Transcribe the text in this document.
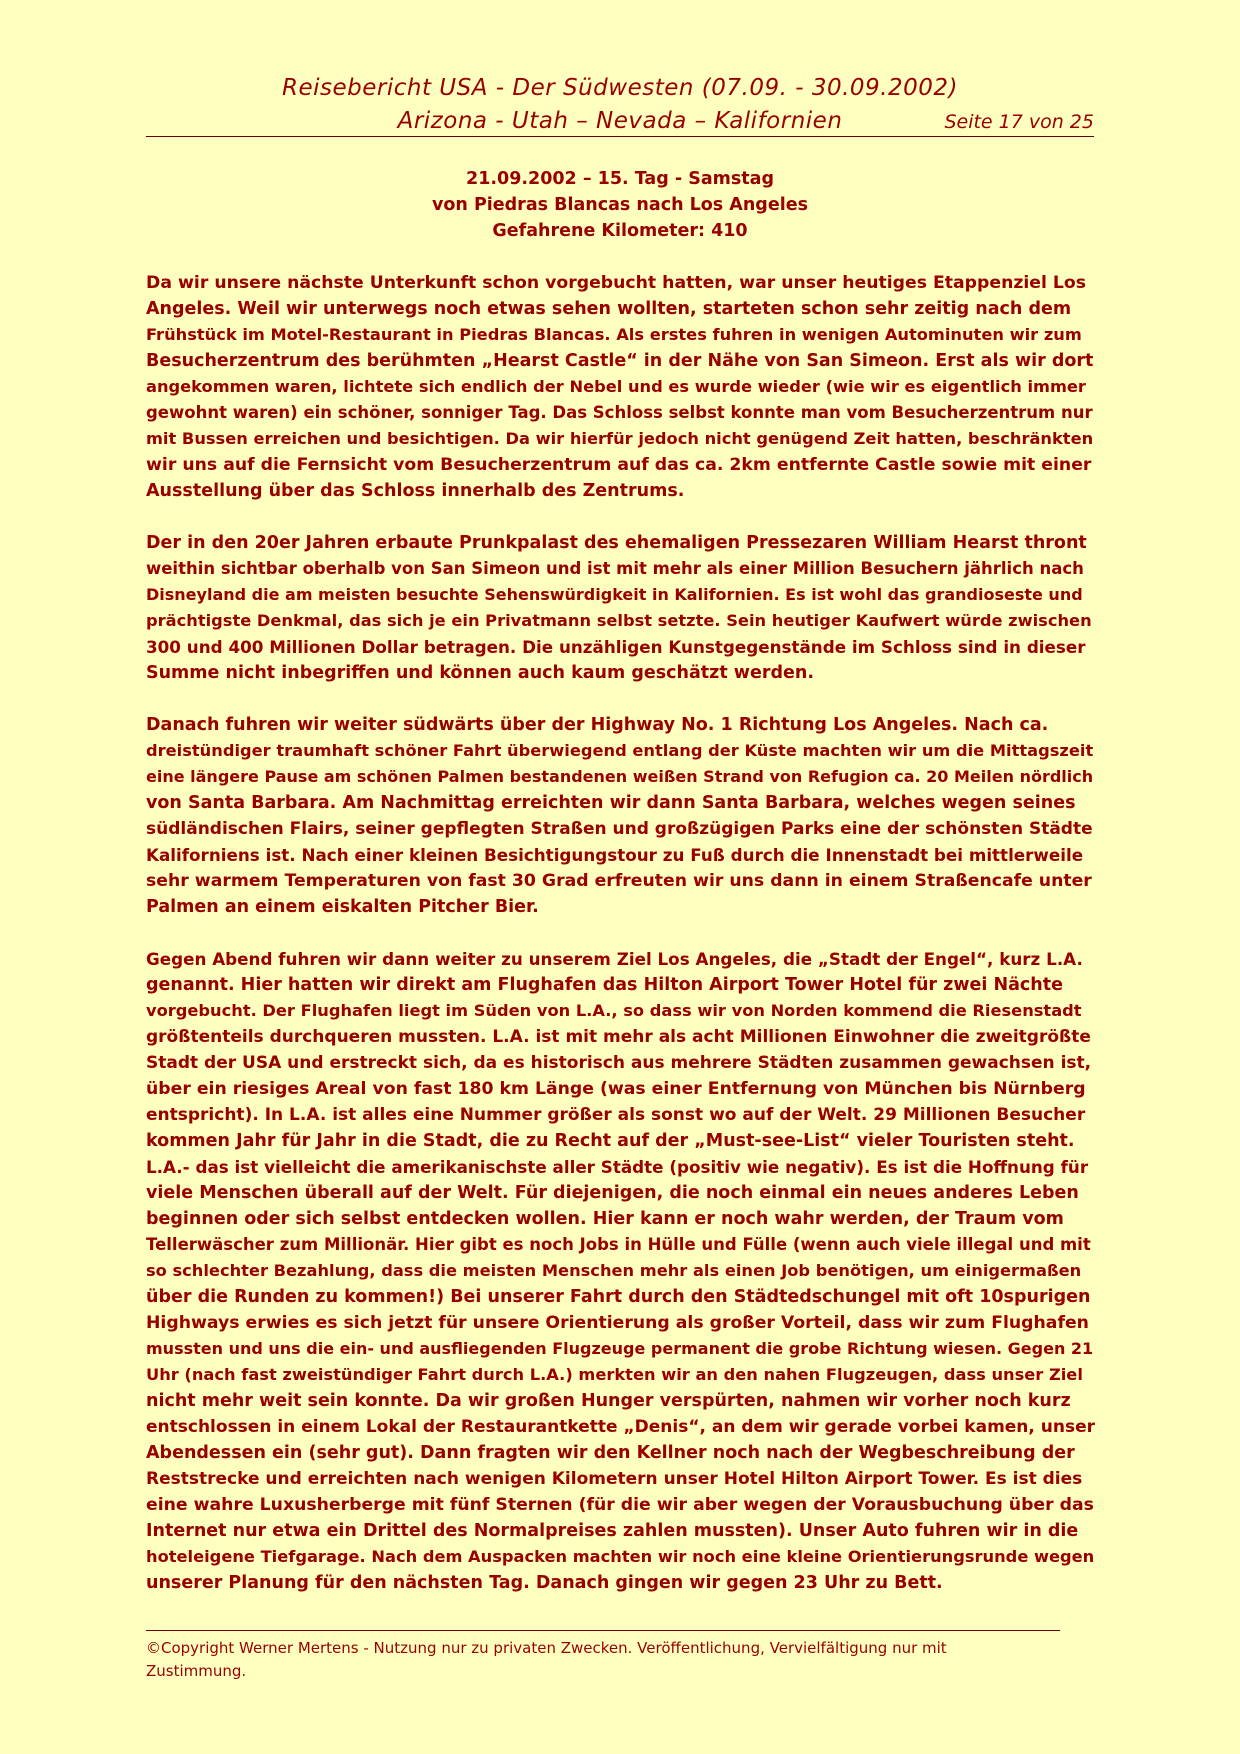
Reisebericht USA - Der Südwesten (07.09. - 30.09.2002)
Arizona - Utah – Nevada – Kalifornien	Seite 17 von 25
21.09.2002 – 15. Tag - Samstag
von Piedras Blancas nach Los Angeles
Gefahrene Kilometer: 410

Da wir unsere nächste Unterkunft schon vorgebucht hatten, war unser heutiges Etappenziel Los
Angeles. Weil wir unterwegs noch etwas sehen wollten, starteten schon sehr zeitig nach dem
Frühstück im Motel-Restaurant in Piedras Blancas. Als erstes fuhren in wenigen Autominuten wir zum
Besucherzentrum des berühmten „Hearst Castle“ in der Nähe von San Simeon. Erst als wir dort
angekommen waren, lichtete sich endlich der Nebel und es wurde wieder (wie wir es eigentlich immer
gewohnt waren) ein schöner, sonniger Tag. Das Schloss selbst konnte man vom Besucherzentrum nur
mit Bussen erreichen und besichtigen. Da wir hierfür jedoch nicht genügend Zeit hatten, beschränkten
wir uns auf die Fernsicht vom Besucherzentrum auf das ca. 2km entfernte Castle sowie mit einer
Ausstellung über das Schloss innerhalb des Zentrums.

Der in den 20er Jahren erbaute Prunkpalast des ehemaligen Pressezaren William Hearst thront
weithin sichtbar oberhalb von San Simeon und ist mit mehr als einer Million Besuchern jährlich nach
Disneyland die am meisten besuchte Sehenswürdigkeit in Kalifornien. Es ist wohl das grandioseste und
prächtigste Denkmal, das sich je ein Privatmann selbst setzte. Sein heutiger Kaufwert würde zwischen
300 und 400 Millionen Dollar betragen. Die unzähligen Kunstgegenstände im Schloss sind in dieser
Summe nicht inbegriffen und können auch kaum geschätzt werden.

Danach fuhren wir weiter südwärts über der Highway No. 1 Richtung Los Angeles. Nach ca.
dreistündiger traumhaft schöner Fahrt überwiegend entlang der Küste machten wir um die Mittagszeit
eine längere Pause am schönen Palmen bestandenen weißen Strand von Refugion ca. 20 Meilen nördlich
von Santa Barbara. Am Nachmittag erreichten wir dann Santa Barbara, welches wegen seines
südländischen Flairs, seiner gepflegten Straßen und großzügigen Parks eine der schönsten Städte
Kaliforniens ist. Nach einer kleinen Besichtigungstour zu Fuß durch die Innenstadt bei mittlerweile
sehr warmem Temperaturen von fast 30 Grad erfreuten wir uns dann in einem Straßencafe unter
Palmen an einem eiskalten Pitcher Bier.

Gegen Abend fuhren wir dann weiter zu unserem Ziel Los Angeles, die „Stadt der Engel“, kurz L.A.
genannt. Hier hatten wir direkt am Flughafen das Hilton Airport Tower Hotel für zwei Nächte
vorgebucht. Der Flughafen liegt im Süden von L.A., so dass wir von Norden kommend die Riesenstadt
größtenteils durchqueren mussten. L.A. ist mit mehr als acht Millionen Einwohner die zweitgrößte
Stadt der USA und erstreckt sich, da es historisch aus mehrere Städten zusammen gewachsen ist,
über ein riesiges Areal von fast 180 km Länge (was einer Entfernung von München bis Nürnberg
entspricht). In L.A. ist alles eine Nummer größer als sonst wo auf der Welt. 29 Millionen Besucher
kommen Jahr für Jahr in die Stadt, die zu Recht auf der „Must-see-List“ vieler Touristen steht.
L.A.- das ist vielleicht die amerikanischste aller Städte (positiv wie negativ). Es ist die Hoffnung für
viele Menschen überall auf der Welt. Für diejenigen, die noch einmal ein neues anderes Leben
beginnen oder sich selbst entdecken wollen. Hier kann er noch wahr werden, der Traum vom
Tellerwäscher zum Millionär. Hier gibt es noch Jobs in Hülle und Fülle (wenn auch viele illegal und mit
so schlechter Bezahlung, dass die meisten Menschen mehr als einen Job benötigen, um einigermaßen
über die Runden zu kommen!) Bei unserer Fahrt durch den Städtedschungel mit oft 10spurigen
Highways erwies es sich jetzt für unsere Orientierung als großer Vorteil, dass wir zum Flughafen
mussten und uns die ein- und ausfliegenden Flugzeuge permanent die grobe Richtung wiesen. Gegen 21
Uhr (nach fast zweistündiger Fahrt durch L.A.) merkten wir an den nahen Flugzeugen, dass unser Ziel
nicht mehr weit sein konnte. Da wir großen Hunger verspürten, nahmen wir vorher noch kurz
entschlossen in einem Lokal der Restaurantkette „Denis“, an dem wir gerade vorbei kamen, unser
Abendessen ein (sehr gut). Dann fragten wir den Kellner noch nach der Wegbeschreibung der
Reststrecke und erreichten nach wenigen Kilometern unser Hotel Hilton Airport Tower. Es ist dies
eine wahre Luxusherberge mit fünf Sternen (für die wir aber wegen der Vorausbuchung über das
Internet nur etwa ein Drittel des Normalpreises zahlen mussten). Unser Auto fuhren wir in die
hoteleigene Tiefgarage. Nach dem Auspacken machten wir noch eine kleine Orientierungsrunde wegen
unserer Planung für den nächsten Tag. Danach gingen wir gegen 23 Uhr zu Bett.

©Copyright Werner Mertens - Nutzung nur zu privaten Zwecken. Veröffentlichung, Vervielfältigung nur mit
Zustimmung.
